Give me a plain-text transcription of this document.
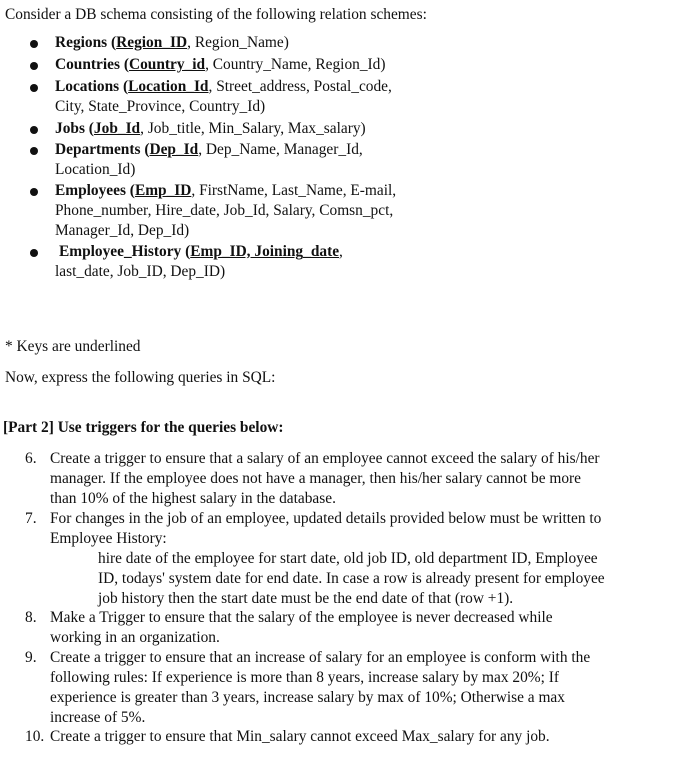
Consider a DB schema consisting of the following relation schemes:
Regions (Region_ID, Region_Name)
Countries (Country_id, Country_Name, Region_Id)
Locations (Location_Id, Street_address, Postal_code,
City, State_Province, Country_Id)
Jobs (Job_Id, Job_title, Min_Salary, Max_salary)
Departments (Dep_Id, Dep_Name, Manager_Id,
Location_Id)
Employees (Emp_ID, FirstName, Last_Name, E-mail,
Phone_number, Hire_date, Job_Id, Salary, Comsn_pct,
Manager_Id, Dep_Id)
Employee_History (Emp_ID, Joining_date,
last_date, Job_ID, Dep_ID)
* Keys are underlined
Now, express the following queries in SQL:
[Part 2] Use triggers for the queries below:
6. Create a trigger to ensure that a salary of an employee cannot exceed the salary of his/her
manager. If the employee does not have a manager, then his/her salary cannot be more
than 10% of the highest salary in the database.
7. For changes in the job of an employee, updated details provided below must be written to
Employee History:
hire date of the employee for start date, old job ID, old department ID, Employee
ID, todays' system date for end date. In case a row is already present for employee
job history then the start date must be the end date of that (row +1).
8. Make a Trigger to ensure that the salary of the employee is never decreased while
working in an organization.
9. Create a trigger to ensure that an increase of salary for an employee is conform with the
following rules: If experience is more than 8 years, increase salary by max 20%; If
experience is greater than 3 years, increase salary by max of 10%; Otherwise a max
increase of 5%.
10. Create a trigger to ensure that Min_salary cannot exceed Max_salary for any job.
